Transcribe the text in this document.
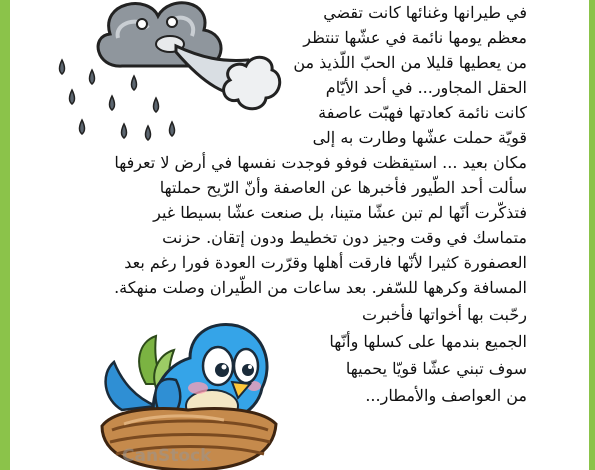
في طيرانها وغنائها كانت تقضي

معظم يومها نائمة في عشّها تنتظر

من يعطيها قليلا من الحبّ اللّذيذ من

الحقل المجاور... في أحد الأيّام

كانت نائمة كعادتها فهبّت عاصفة

قويّة حملت عشّها وطارت به إلى

مكان بعيد ... استيقظت فوفو فوجدت نفسها في أرض لا تعرفها

سألت أحد الطّيور فأخبرها عن العاصفة وأنّ الرّيح حملتها

فتذكّرت أنّها لم تبن عشّا متينا، بل صنعت عشّا بسيطا غير

متماسك في وقت وجيز دون تخطيط ودون إتقان. حزنت

العصفورة كثيرا لأنّها فارقت أهلها وقرّرت العودة فورا رغم بعد

المسافة وكرهها للسّفر. بعد ساعات من الطّيران وصلت منهكة.

رحّبت بها أخواتها فأخبرت

الجميع بندمها على كسلها وأنّها

سوف تبني عشّا قويّا يحميها

من العواصف والأمطار...

CanStock
